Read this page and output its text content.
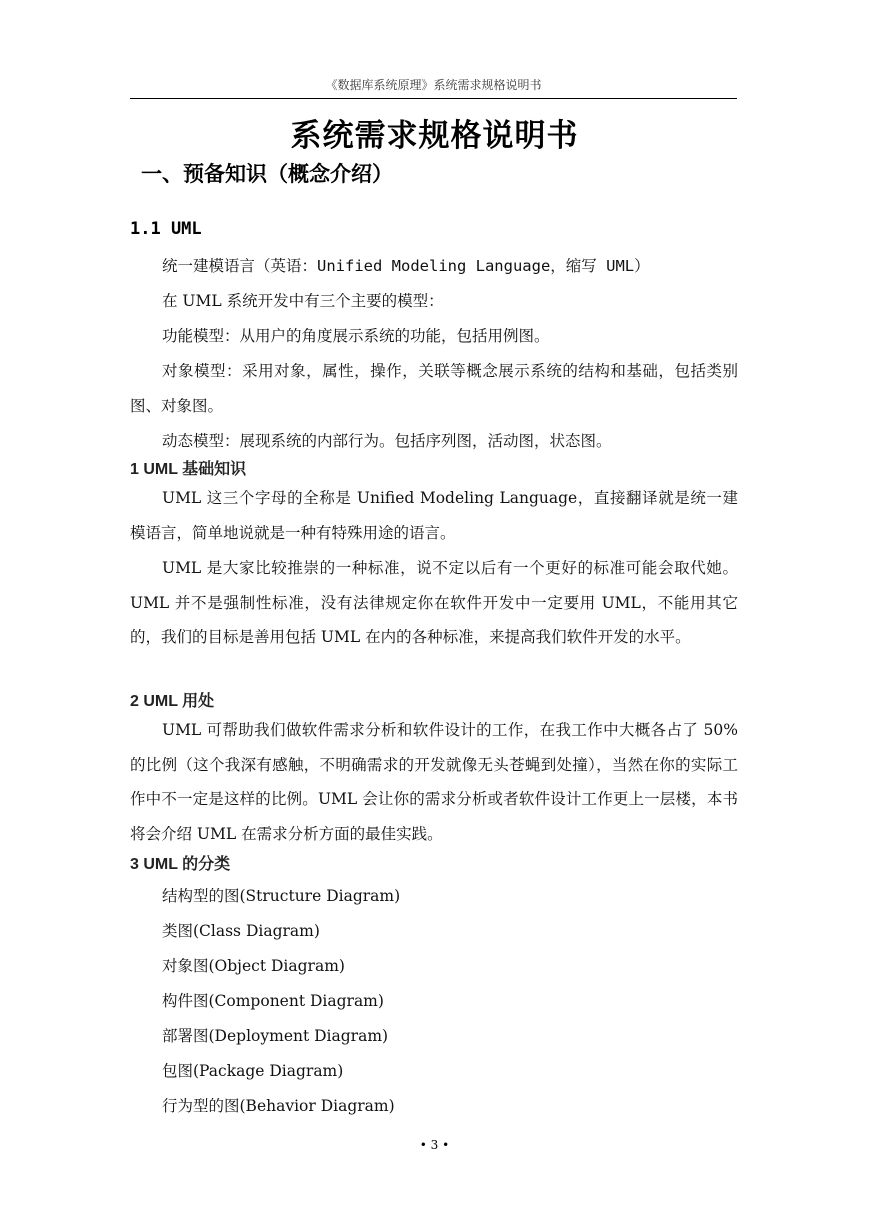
《数据库系统原理》系统需求规格说明书
系统需求规格说明书
一、预备知识（概念介绍）
1.1 UML
统一建模语言（英语：Unified Modeling Language，缩写 UML）
在 UML 系统开发中有三个主要的模型：
功能模型：从用户的角度展示系统的功能，包括用例图。
对象模型：采用对象，属性，操作，关联等概念展示系统的结构和基础，包括类别图、对象图。
动态模型：展现系统的内部行为。包括序列图，活动图，状态图。
1 UML 基础知识
UML 这三个字母的全称是 Unified Modeling Language，直接翻译就是统一建模语言，简单地说就是一种有特殊用途的语言。
UML 是大家比较推崇的一种标准，说不定以后有一个更好的标准可能会取代她。UML 并不是强制性标准，没有法律规定你在软件开发中一定要用 UML，不能用其它的，我们的目标是善用包括 UML 在内的各种标准，来提高我们软件开发的水平。
2 UML 用处
UML 可帮助我们做软件需求分析和软件设计的工作，在我工作中大概各占了 50%的比例（这个我深有感触，不明确需求的开发就像无头苍蝇到处撞），当然在你的实际工作中不一定是这样的比例。UML 会让你的需求分析或者软件设计工作更上一层楼，本书将会介绍 UML 在需求分析方面的最佳实践。
3 UML 的分类
结构型的图(Structure Diagram)
类图(Class Diagram)
对象图(Object Diagram)
构件图(Component Diagram)
部署图(Deployment Diagram)
包图(Package Diagram)
行为型的图(Behavior Diagram)
• 3 •
